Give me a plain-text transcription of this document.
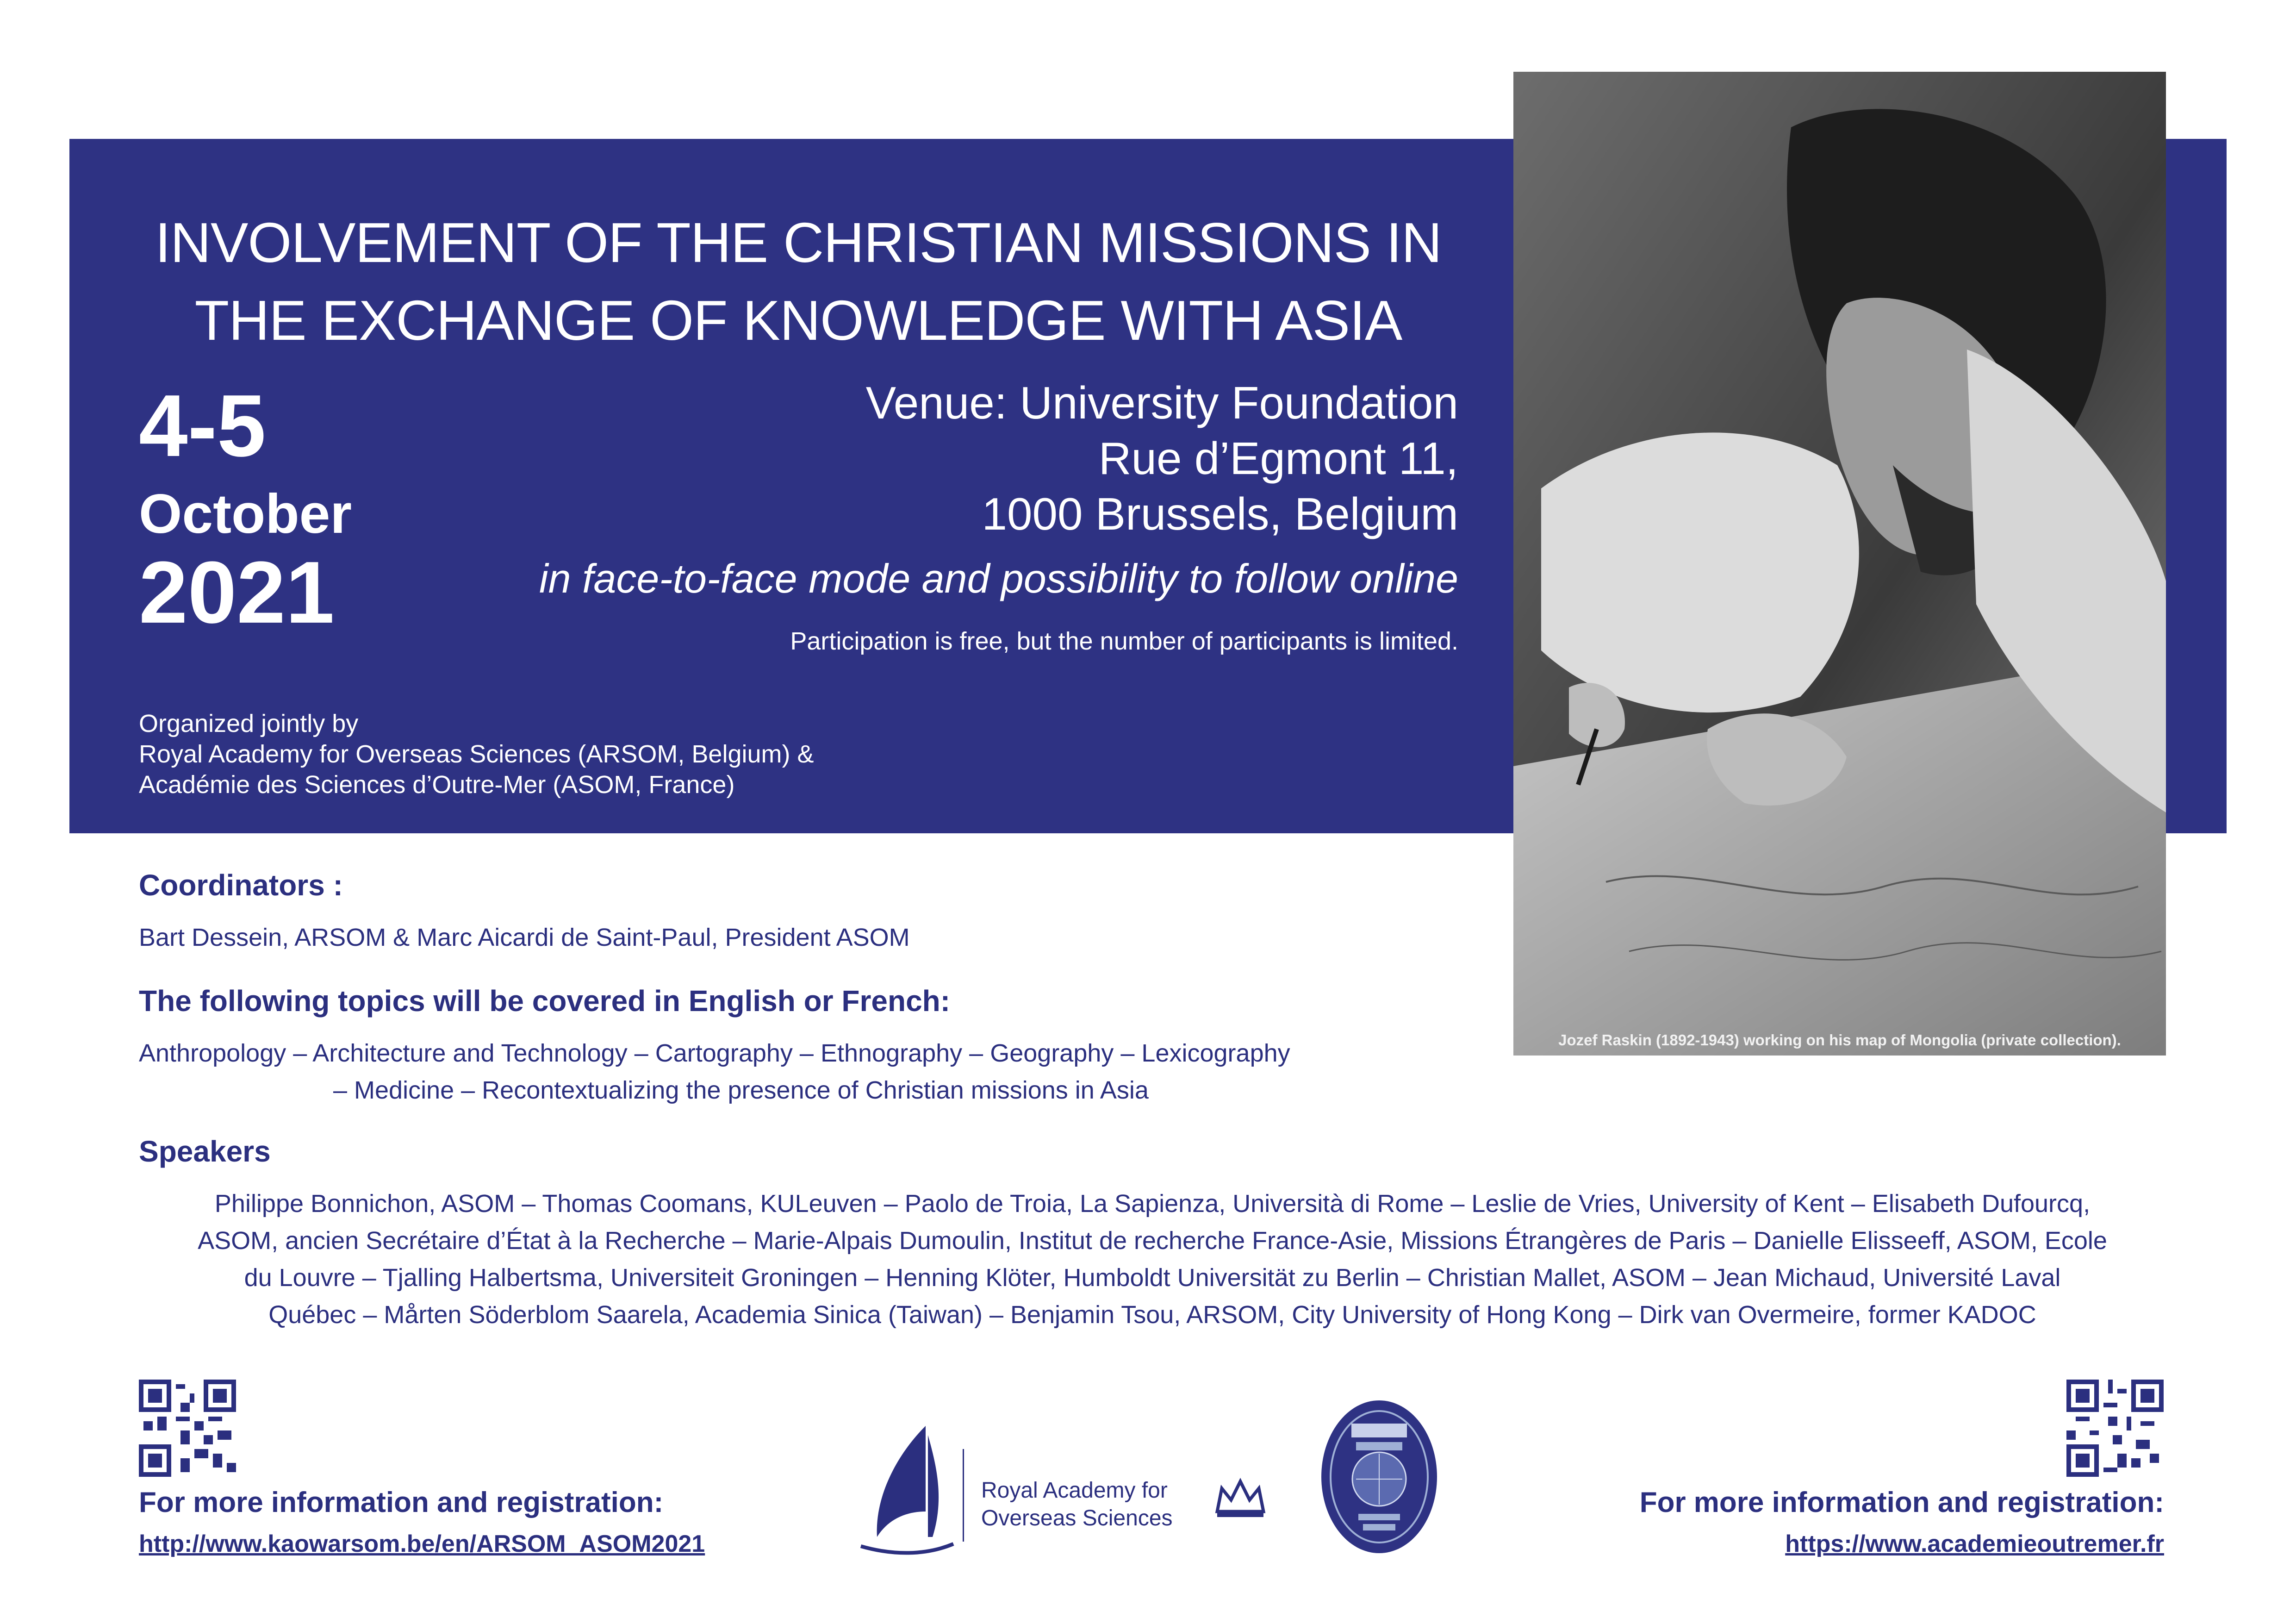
INVOLVEMENT OF THE CHRISTIAN MISSIONS IN
THE EXCHANGE OF KNOWLEDGE WITH ASIA
4-5
October
2021
Venue: University Foundation
Rue d’Egmont 11,
1000 Brussels, Belgium
in face-to-face mode and possibility to follow online
Participation is free, but the number of participants is limited.
Organized jointly by
Royal Academy for Overseas Sciences (ARSOM, Belgium) &
Académie des Sciences d’Outre-Mer (ASOM, France)
Jozef Raskin (1892-1943) working on his map of Mongolia (private collection).
Coordinators :
Bart Dessein, ARSOM & Marc Aicardi de Saint-Paul, President ASOM
The following topics will be covered in English or French:
Anthropology – Architecture and Technology – Cartography – Ethnography – Geography – Lexicography
– Medicine – Recontextualizing the presence of Christian missions in Asia
Speakers
Philippe Bonnichon, ASOM – Thomas Coomans, KULeuven – Paolo de Troia, La Sapienza, Università di Rome – Leslie de Vries, University of Kent – Elisabeth Dufourcq,
ASOM, ancien Secrétaire d’État à la Recherche – Marie-Alpais Dumoulin, Institut de recherche France-Asie, Missions Étrangères de Paris – Danielle Elisseeff, ASOM, Ecole
du Louvre – Tjalling Halbertsma, Universiteit Groningen – Henning Klöter, Humboldt Universität zu Berlin – Christian Mallet, ASOM – Jean Michaud, Université Laval
Québec – Mårten Söderblom Saarela, Academia Sinica (Taiwan) – Benjamin Tsou, ARSOM, City University of Hong Kong – Dirk van Overmeire, former KADOC
For more information and registration:
http://www.kaowarsom.be/en/ARSOM_ASOM2021
For more information and registration:
https://www.academieoutremer.fr
Royal Academy for
Overseas Sciences
